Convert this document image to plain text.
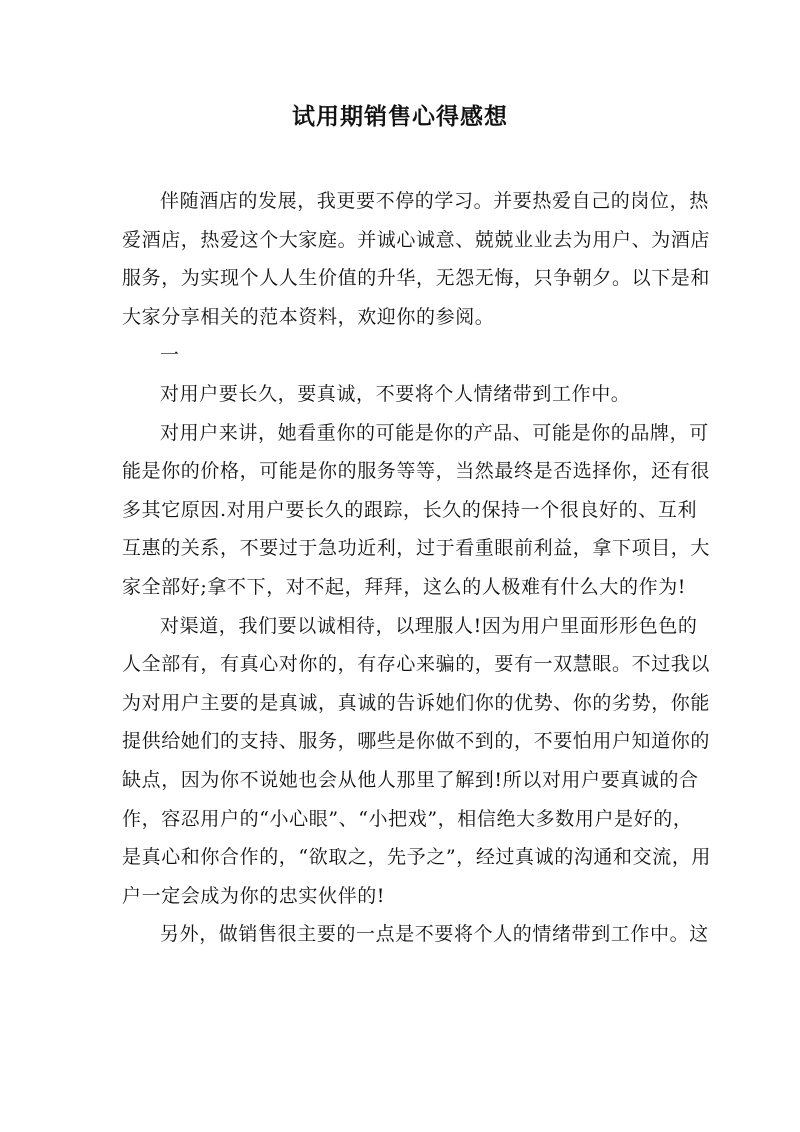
试用期销售心得感想
伴随酒店的发展，我更要不停的学习。并要热爱自己的岗位，热
爱酒店，热爱这个大家庭。并诚心诚意、兢兢业业去为用户、为酒店
服务，为实现个人人生价值的升华，无怨无悔，只争朝夕。以下是和
大家分享相关的范本资料，欢迎你的参阅。
一
对用户要长久，要真诚，不要将个人情绪带到工作中。
对用户来讲，她看重你的可能是你的产品、可能是你的品牌，可
能是你的价格，可能是你的服务等等，当然最终是否选择你，还有很
多其它原因.对用户要长久的跟踪，长久的保持一个很良好的、互利
互惠的关系，不要过于急功近利，过于看重眼前利益，拿下项目，大
家全部好;拿不下，对不起，拜拜，这么的人极难有什么大的作为!
对渠道，我们要以诚相待，以理服人!因为用户里面形形色色的
人全部有，有真心对你的，有存心来骗的，要有一双慧眼。不过我以
为对用户主要的是真诚，真诚的告诉她们你的优势、你的劣势，你能
提供给她们的支持、服务，哪些是你做不到的，不要怕用户知道你的
缺点，因为你不说她也会从他人那里了解到!所以对用户要真诚的合
作，容忍用户的“小心眼”、“小把戏”，相信绝大多数用户是好的，
是真心和你合作的，“欲取之，先予之”，经过真诚的沟通和交流，用
户一定会成为你的忠实伙伴的!
另外，做销售很主要的一点是不要将个人的情绪带到工作中。这
